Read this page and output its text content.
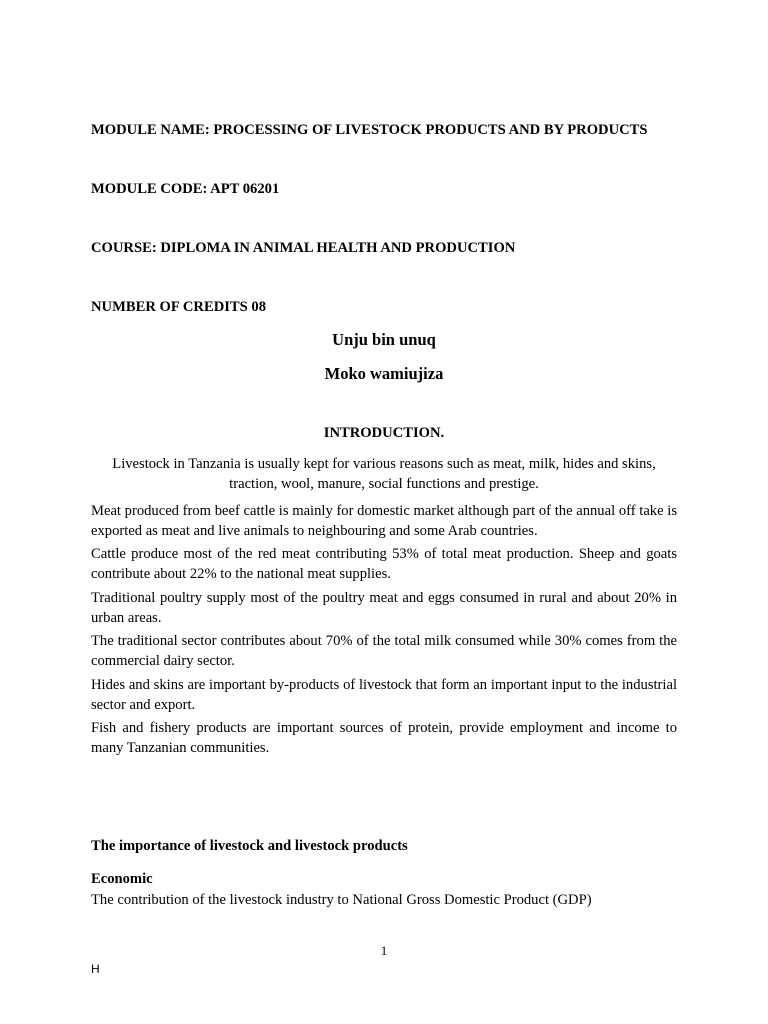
MODULE NAME: PROCESSING OF LIVESTOCK PRODUCTS AND BY PRODUCTS
MODULE CODE: APT 06201
COURSE: DIPLOMA IN ANIMAL HEALTH AND PRODUCTION
NUMBER OF CREDITS 08
Unju bin unuq
Moko wamiujiza
INTRODUCTION.
Livestock in Tanzania is usually kept for various reasons such as meat, milk, hides and skins, traction, wool, manure, social functions and prestige.
Meat produced from beef cattle is mainly for domestic market although part of the annual off take is exported as meat and live animals to neighbouring and some Arab countries.
Cattle produce most of the red meat contributing 53% of total meat production. Sheep and goats contribute about 22% to the national meat supplies.
Traditional poultry supply most of the poultry meat and eggs consumed in rural and about 20% in urban areas.
The traditional sector contributes about 70% of the total milk consumed while 30% comes from the commercial dairy sector.
Hides and skins are important by-products of livestock that form an important input to the industrial sector and export.
Fish and fishery products are important sources of protein, provide employment and income to many Tanzanian communities.
The importance of livestock and livestock products
Economic
The contribution of the livestock industry to National Gross Domestic Product (GDP)
1
H
